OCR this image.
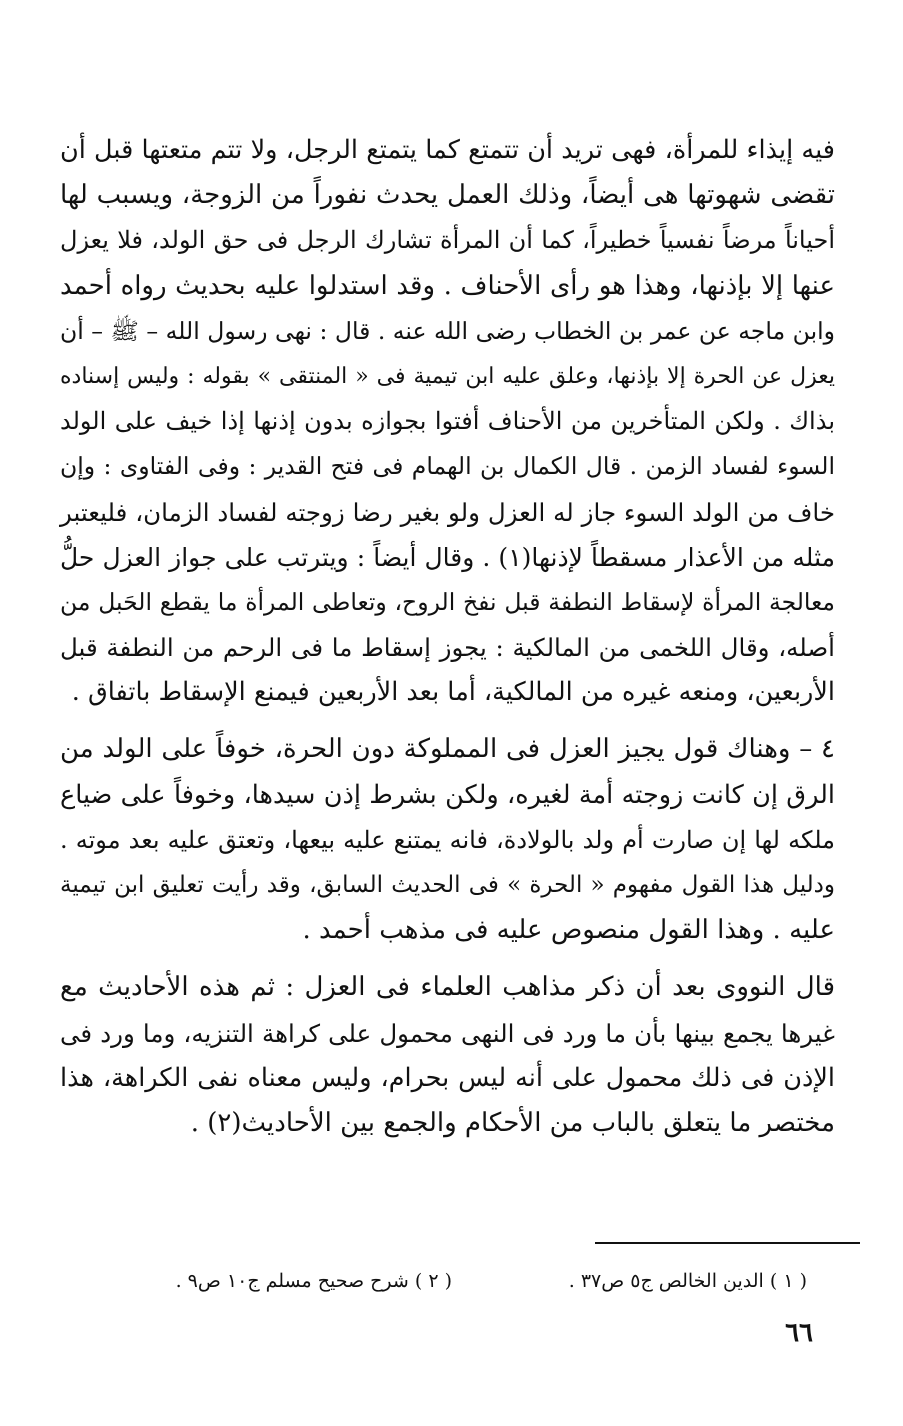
فيه إيذاء للمرأة، فهى تريد أن تتمتع كما يتمتع الرجل، ولا تتم متعتها قبل أن
تقضى شهوتها هى أيضاً، وذلك العمل يحدث نفوراً من الزوجة، ويسبب لها
أحياناً مرضاً نفسياً خطيراً، كما أن المرأة تشارك الرجل فى حق الولد، فلا يعزل
عنها إلا بإذنها، وهذا هو رأى الأحناف . وقد استدلوا عليه بحديث رواه أحمد
وابن ماجه عن عمر بن الخطاب رضى الله عنه . قال : نهى رسول الله – ﷺ – أن
يعزل عن الحرة إلا بإذنها، وعلق عليه ابن تيمية فى « المنتقى » بقوله : وليس إسناده
بذاك . ولكن المتأخرين من الأحناف أفتوا بجوازه بدون إذنها إذا خيف على الولد
السوء لفساد الزمن . قال الكمال بن الهمام فى فتح القدير : وفى الفتاوى : وإن
خاف من الولد السوء جاز له العزل ولو بغير رضا زوجته لفساد الزمان، فليعتبر
مثله من الأعذار مسقطاً لإذنها(١) . وقال أيضاً : ويترتب على جواز العزل حلُّ
معالجة المرأة لإسقاط النطفة قبل نفخ الروح، وتعاطى المرأة ما يقطع الحَبل من
أصله، وقال اللخمى من المالكية : يجوز إسقاط ما فى الرحم من النطفة قبل
الأربعين، ومنعه غيره من المالكية، أما بعد الأربعين فيمنع الإسقاط باتفاق .
٤ – وهناك قول يجيز العزل فى المملوكة دون الحرة، خوفاً على الولد من
الرق إن كانت زوجته أمة لغيره، ولكن بشرط إذن سيدها، وخوفاً على ضياع
ملكه لها إن صارت أم ولد بالولادة، فانه يمتنع عليه بيعها، وتعتق عليه بعد موته .
ودليل هذا القول مفهوم « الحرة » فى الحديث السابق، وقد رأيت تعليق ابن تيمية
عليه . وهذا القول منصوص عليه فى مذهب أحمد .
قال النووى بعد أن ذكر مذاهب العلماء فى العزل : ثم هذه الأحاديث مع
غيرها يجمع بينها بأن ما ورد فى النهى محمول على كراهة التنزيه، وما ورد فى
الإذن فى ذلك محمول على أنه ليس بحرام، وليس معناه نفى الكراهة، هذا
مختصر ما يتعلق بالباب من الأحكام والجمع بين الأحاديث(٢) .
( ١ ) الدين الخالص ج٥ ص٣٧ .
( ٢ ) شرح صحيح مسلم ج١٠ ص٩ .
٦٦
